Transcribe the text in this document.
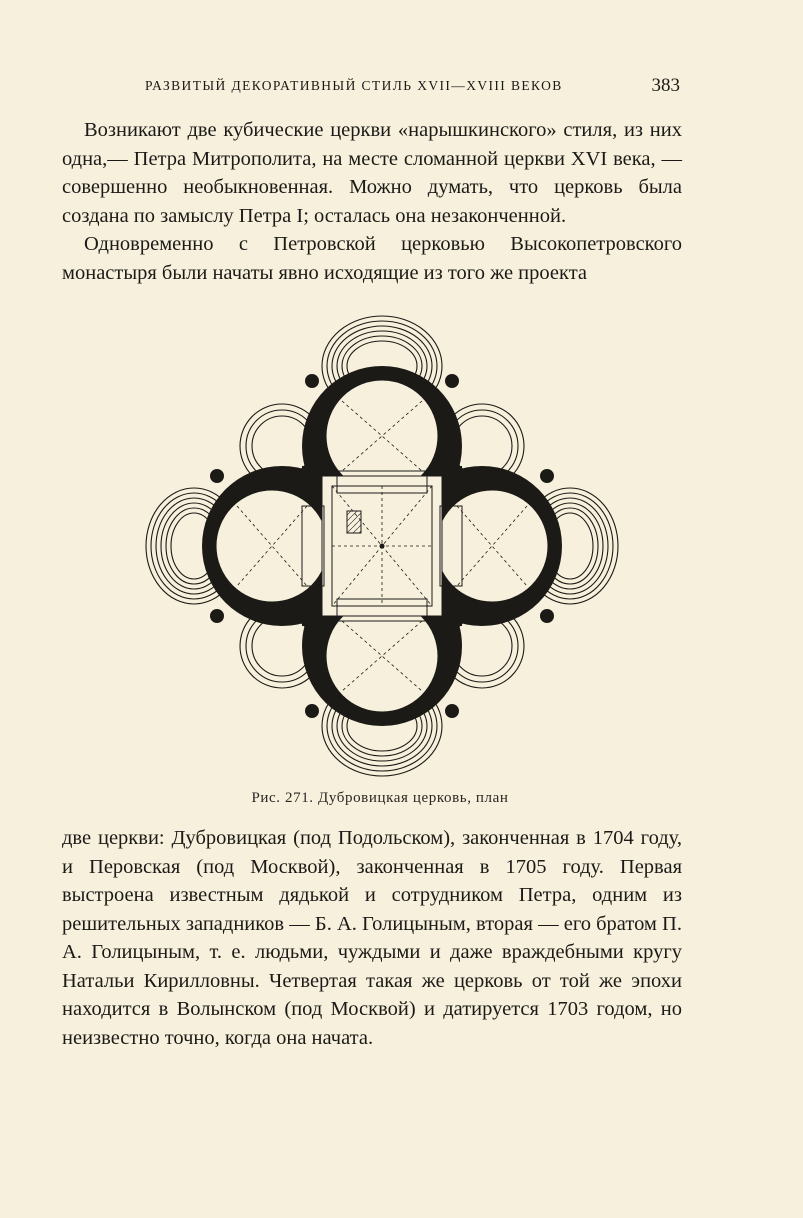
РАЗВИТЫЙ ДЕКОРАТИВНЫЙ СТИЛЬ XVII—XVIII ВЕКОВ	383

Возникают две кубические церкви «нарышкинского» стиля, из них одна,— Петра Митрополита, на месте сломанной церкви XVI века, — совершенно необыкновенная. Можно думать, что церковь была создана по замыслу Петра I; осталась она незаконченной.

Одновременно с Петровской церковью Высокопетровского монастыря были начаты явно исходящие из того же проекта

Рис. 271. Дубровицкая церковь, план

две церкви: Дубровицкая (под Подольском), законченная в 1704 году, и Перовская (под Москвой), законченная в 1705 году. Первая выстроена известным дядькой и сотрудником Петра, одним из решительных западников — Б. А. Голицыным, вторая — его братом П. А. Голицыным, т. е. людьми, чуждыми и даже враждебными кругу Натальи Кирилловны. Четвертая такая же церковь от той же эпохи находится в Волынском (под Москвой) и датируется 1703 годом, но неизвестно точно, когда она начата.
